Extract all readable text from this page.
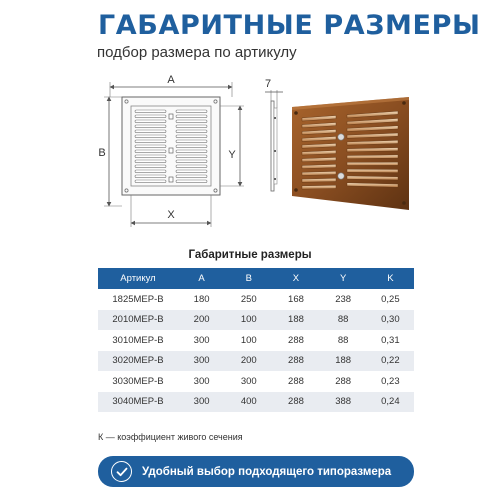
ГАБАРИТНЫЕ РАЗМЕРЫ
подбор размера по артикулу
A
B	Y
X
7
Габаритные размеры
Артикул	A	B	X	Y	K
1825МЕР-В	180	250	168	238	0,25
2010МЕР-В	200	100	188	88	0,30
3010МЕР-В	300	100	288	88	0,31
3020МЕР-В	300	200	288	188	0,22
3030МЕР-В	300	300	288	288	0,23
3040МЕР-В	300	400	288	388	0,24
К — коэффициент живого сечения
Удобный выбор подходящего типоразмера
